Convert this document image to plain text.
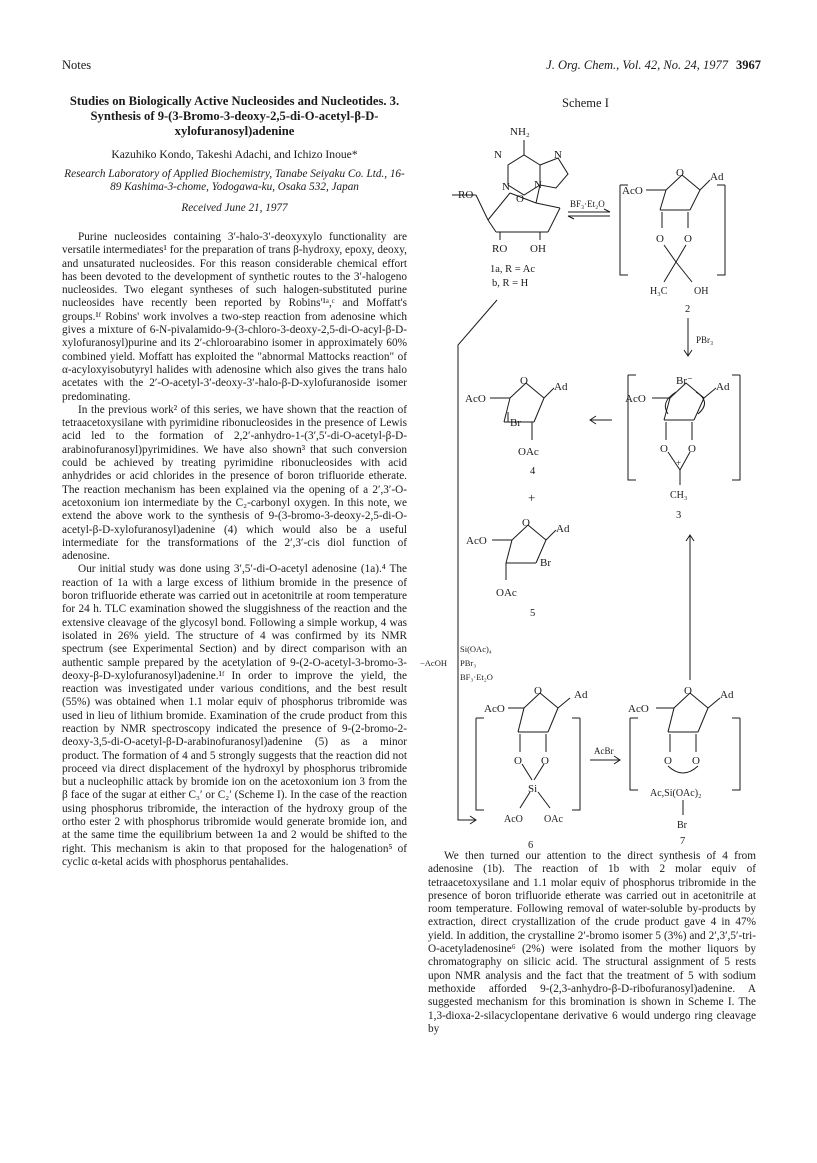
Notes	J. Org. Chem., Vol. 42, No. 24, 1977 3967
Studies on Biologically Active Nucleosides and Nucleotides. 3. Synthesis of 9-(3-Bromo-3-deoxy-2,5-di-O-acetyl-β-D-xylofuranosyl)adenine
Kazuhiko Kondo, Takeshi Adachi, and Ichizo Inoue*
Research Laboratory of Applied Biochemistry, Tanabe Seiyaku Co. Ltd., 16-89 Kashima-3-chome, Yodogawa-ku, Osaka 532, Japan
Received June 21, 1977

Purine nucleosides containing 3′-halo-3′-deoxyxylo functionality are versatile intermediates¹ for the preparation of trans β-hydroxy, epoxy, deoxy, and unsaturated nucleosides. For this reason considerable chemical effort has been devoted to the development of synthetic routes to the 3′-halogeno nucleosides. Two elegant syntheses of such halogen-substituted purine nucleosides have recently been reported by Robins'¹ᵃ,ᶜ and Moffatt's groups.¹ᶠ Robins' work involves a two-step reaction from adenosine which gives a mixture of 6-N-pivalamido-9-(3-chloro-3-deoxy-2,5-di-O-acyl-β-D-xylofuranosyl)purine and its 2′-chloroarabino isomer in approximately 60% combined yield. Moffatt has exploited the "abnormal Mattocks reaction" of α-acyloxyisobutyryl halides with adenosine which also gives the trans halo acetates with the 2′-O-acetyl-3′-deoxy-3′-halo-β-D-xylofuranoside isomer predominating.

In the previous work² of this series, we have shown that the reaction of tetraacetoxysilane with pyrimidine ribonucleosides in the presence of Lewis acid led to the formation of 2,2′-anhydro-1-(3′,5′-di-O-acetyl-β-D-arabinofuranosyl)pyrimidines. We have also shown³ that such conversion could be achieved by treating pyrimidine ribonucleosides with acid anhydrides or acid chlorides in the presence of boron trifluoride etherate. The reaction mechanism has been explained via the opening of a 2′,3′-O-acetoxonium ion intermediate by the C₂-carbonyl oxygen. In this note, we extend the above work to the synthesis of 9-(3-bromo-3-deoxy-2,5-di-O-acetyl-β-D-xylofuranosyl)adenine (4) which would also be a useful intermediate for the transformations of the 2′,3′-cis diol function of adenosine.

Our initial study was done using 3′,5′-di-O-acetyl adenosine (1a).⁴ The reaction of 1a with a large excess of lithium bromide in the presence of boron trifluoride etherate was carried out in acetonitrile at room temperature for 24 h. TLC examination showed the sluggishness of the reaction and the extensive cleavage of the glycosyl bond. Following a simple workup, 4 was isolated in 26% yield. The structure of 4 was confirmed by its NMR spectrum (see Experimental Section) and by direct comparison with an authentic sample prepared by the acetylation of 9-(2-O-acetyl-3-bromo-3-deoxy-β-D-xylofuranosyl)adenine.¹ᶠ In order to improve the yield, the reaction was investigated under various conditions, and the best result (55%) was obtained when 1.1 molar equiv of phosphorus tribromide was used in lieu of lithium bromide. Examination of the crude product from this reaction by NMR spectroscopy indicated the presence of 9-(2-bromo-2-deoxy-3,5-di-O-acetyl-β-D-arabinofuranosyl)adenine (5) as a minor product. The formation of 4 and 5 strongly suggests that the reaction did not proceed via direct displacement of the hydroxyl by phosphorus tribromide but a nucleophilic attack by bromide ion on the acetoxonium ion 3 from the β face of the sugar at either C₃′ or C₂′ (Scheme I). In the case of the reaction using phosphorus tribromide, the interaction of the hydroxy group of the ortho ester 2 with phosphorus tribromide would generate bromide ion, and at the same time the equilibrium between 1a and 2 would be shifted to the right. This mechanism is akin to that proposed for the halogenation⁵ of cyclic α-ketal acids with phosphorus pentahalides.

Scheme I
NH₂
N	N
N N
O
RO
RO OH
1a, R = Ac
b, R = H
BF₃·Et₂O
AcO
Ad
O
O O
H₃C	OH
2
PBr₃
Br⁻
AcO
Ad
O O
+
CH₃
3
AcO
Ad
O
Br
OAc
4
+
AcO
Ad
O
Br
OAc
5
Si(OAc)₄
PBr₃
BF₃·Et₂O
−AcOH
AcO
Ad
O
O O
Si
AcO OAc
6
AcBr
AcO
Ad
O
O O
Ac,Si(OAc)₂
Br
7

We then turned our attention to the direct synthesis of 4 from adenosine (1b). The reaction of 1b with 2 molar equiv of tetraacetoxysilane and 1.1 molar equiv of phosphorus tribromide in the presence of boron trifluoride etherate was carried out in acetonitrile at room temperature. Following removal of water-soluble by-products by extraction, direct crystallization of the crude product gave 4 in 47% yield. In addition, the crystalline 2′-bromo isomer 5 (3%) and 2′,3′,5′-tri-O-acetyladenosine⁶ (2%) were isolated from the mother liquors by chromatography on silicic acid. The structural assignment of 5 rests upon NMR analysis and the fact that the treatment of 5 with sodium methoxide afforded 9-(2,3-anhydro-β-D-ribofuranosyl)adenine. A suggested mechanism for this bromination is shown in Scheme I. The 1,3-dioxa-2-silacyclopentane derivative 6 would undergo ring cleavage by
